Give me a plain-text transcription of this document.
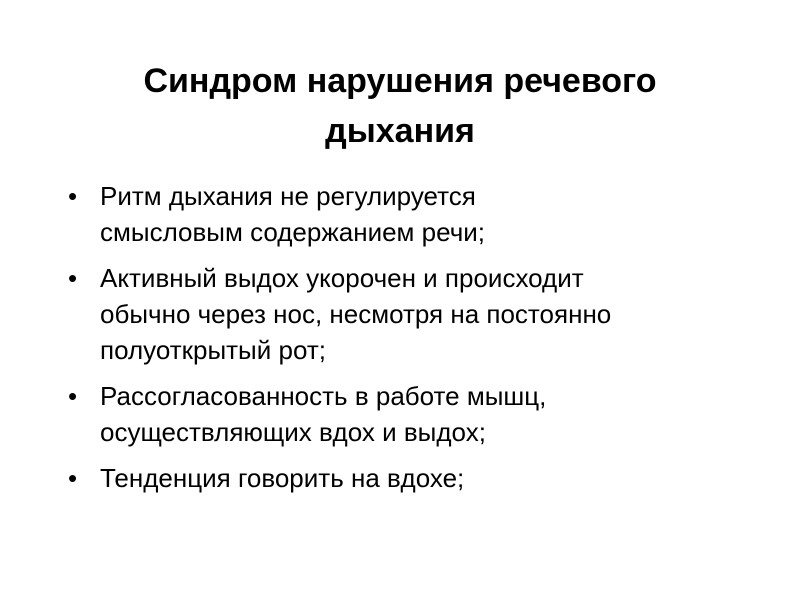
Синдром нарушения речевого
дыхания
• Ритм дыхания не регулируется
смысловым содержанием речи;
• Активный выдох укорочен и происходит
обычно через нос, несмотря на постоянно
полуоткрытый рот;
• Рассогласованность в работе мышц,
осуществляющих вдох и выдох;
• Тенденция говорить на вдохе;
